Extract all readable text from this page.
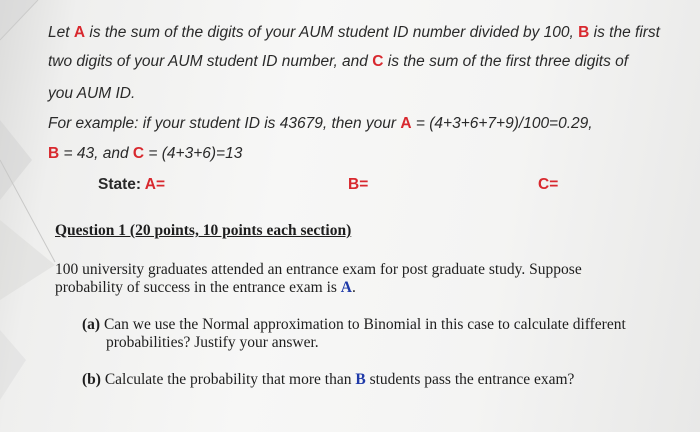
Let A is the sum of the digits of your AUM student ID number divided by 100, B is the first
two digits of your AUM student ID number, and C is the sum of the first three digits of
you AUM ID.
For example: if your student ID is 43679, then your A = (4+3+6+7+9)/100=0.29,
B = 43, and C = (4+3+6)=13
State: A=	B=	C=
Question 1 (20 points, 10 points each section)
100 university graduates attended an entrance exam for post graduate study. Suppose
probability of success in the entrance exam is A.
(a) Can we use the Normal approximation to Binomial in this case to calculate different
probabilities? Justify your answer.
(b) Calculate the probability that more than B students pass the entrance exam?
